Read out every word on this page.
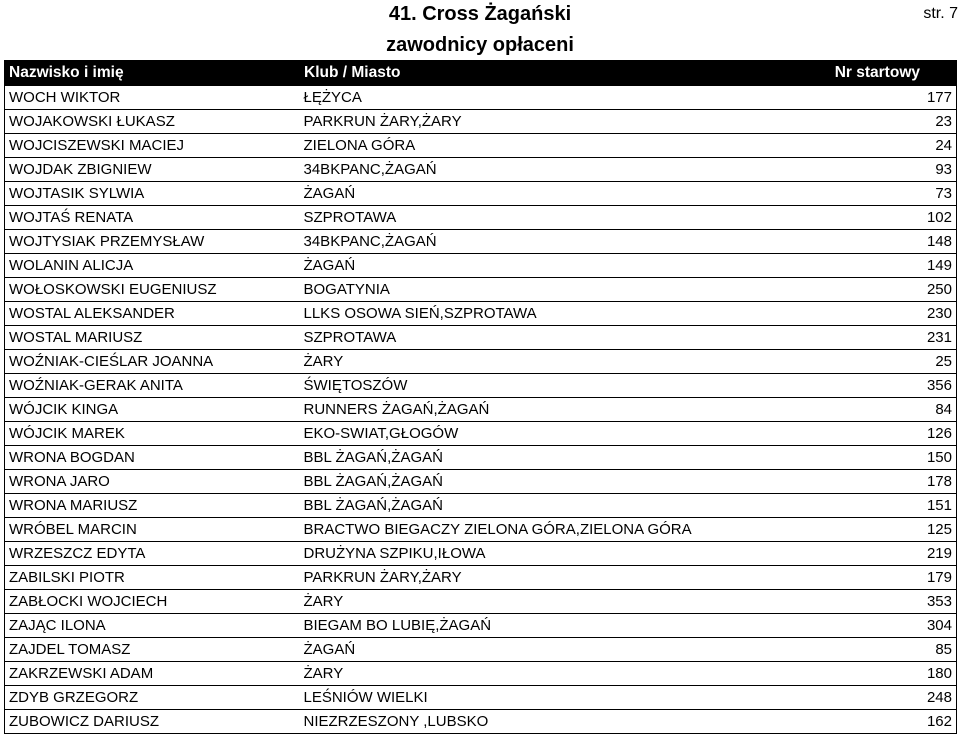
41. Cross Żagański
zawodnicy opłaceni
str. 7
Nazwisko i imię	Klub / Miasto	Nr startowy
WOCH WIKTOR	ŁĘŻYCA	177
WOJAKOWSKI ŁUKASZ	PARKRUN ŻARY,ŻARY	23
WOJCISZEWSKI MACIEJ	ZIELONA GÓRA	24
WOJDAK ZBIGNIEW	34BKPANC,ŻAGAŃ	93
WOJTASIK SYLWIA	ŻAGAŃ	73
WOJTAŚ RENATA	SZPROTAWA	102
WOJTYSIAK PRZEMYSŁAW	34BKPANC,ŻAGAŃ	148
WOLANIN ALICJA	ŻAGAŃ	149
WOŁOSKOWSKI EUGENIUSZ	BOGATYNIA	250
WOSTAL ALEKSANDER	LLKS OSOWA SIEŃ,SZPROTAWA	230
WOSTAL MARIUSZ	SZPROTAWA	231
WOŹNIAK-CIEŚLAR JOANNA	ŻARY	25
WOŹNIAK-GERAK ANITA	ŚWIĘTOSZÓW	356
WÓJCIK KINGA	RUNNERS ŻAGAŃ,ŻAGAŃ	84
WÓJCIK MAREK	EKO-SWIAT,GŁOGÓW	126
WRONA BOGDAN	BBL ŻAGAŃ,ŻAGAŃ	150
WRONA JARO	BBL ŻAGAŃ,ŻAGAŃ	178
WRONA MARIUSZ	BBL ŻAGAŃ,ŻAGAŃ	151
WRÓBEL MARCIN	BRACTWO BIEGACZY ZIELONA GÓRA,ZIELONA GÓRA	125
WRZESZCZ EDYTA	DRUŻYNA SZPIKU,IŁOWA	219
ZABILSKI PIOTR	PARKRUN ŻARY,ŻARY	179
ZABŁOCKI WOJCIECH	ŻARY	353
ZAJĄC ILONA	BIEGAM BO LUBIĘ,ŻAGAŃ	304
ZAJDEL TOMASZ	ŻAGAŃ	85
ZAKRZEWSKI ADAM	ŻARY	180
ZDYB GRZEGORZ	LEŚNIÓW WIELKI	248
ZUBOWICZ DARIUSZ	NIEZRZESZONY ,LUBSKO	162
